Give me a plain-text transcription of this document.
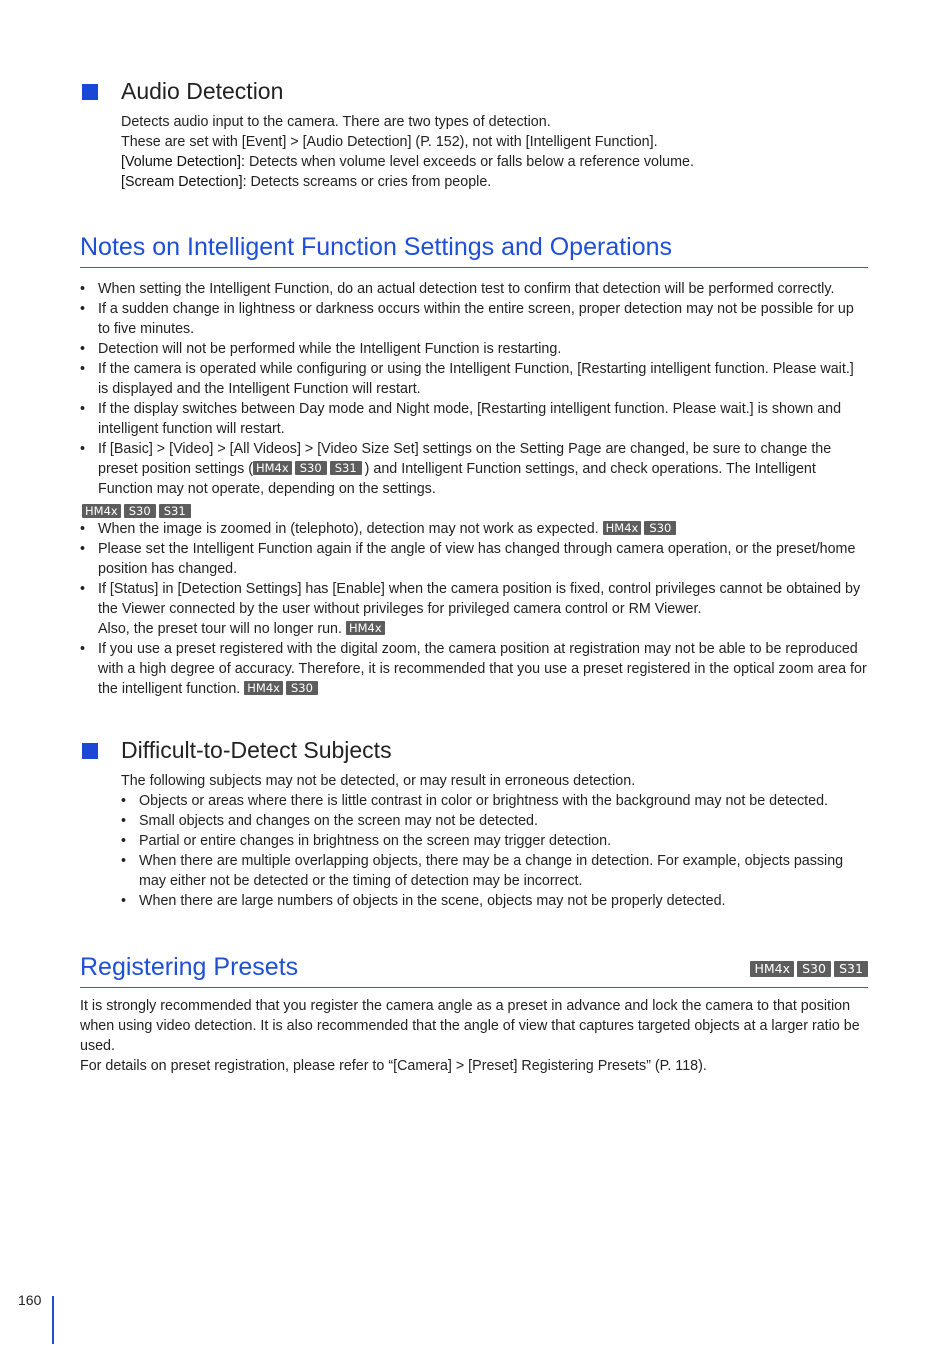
Audio Detection

Detects audio input to the camera. There are two types of detection.

These are set with [Event] > [Audio Detection] (P. 152), not with [Intelligent Function].

[Volume Detection]: Detects when volume level exceeds or falls below a reference volume.

[Scream Detection]: Detects screams or cries from people.

Notes on Intelligent Function Settings and Operations
• When setting the Intelligent Function, do an actual detection test to confirm that detection will be performed correctly.
• If a sudden change in lightness or darkness occurs within the entire screen, proper detection may not be possible for up to five minutes.
• Detection will not be performed while the Intelligent Function is restarting.
• If the camera is operated while configuring or using the Intelligent Function, [Restarting intelligent function. Please wait.] is displayed and the Intelligent Function will restart.
• If the display switches between Day mode and Night mode, [Restarting intelligent function. Please wait.] is shown and intelligent function will restart.
• If [Basic] > [Video] > [All Videos] > [Video Size Set] settings on the Setting Page are changed, be sure to change the preset position settings ( HM4x S30 S31 ) and Intelligent Function settings, and check operations. The Intelligent Function may not operate, depending on the settings.
HM4x S30 S31
• When the image is zoomed in (telephoto), detection may not work as expected. HM4x S30
• Please set the Intelligent Function again if the angle of view has changed through camera operation, or the preset/home position has changed.
• If [Status] in [Detection Settings] has [Enable] when the camera position is fixed, control privileges cannot be obtained by the Viewer connected by the user without privileges for privileged camera control or RM Viewer.
Also, the preset tour will no longer run. HM4x
• If you use a preset registered with the digital zoom, the camera position at registration may not be able to be reproduced with a high degree of accuracy. Therefore, it is recommended that you use a preset registered in the optical zoom area for the intelligent function. HM4x S30
Difficult-to-Detect Subjects

The following subjects may not be detected, or may result in erroneous detection.

• Objects or areas where there is little contrast in color or brightness with the background may not be detected.
• Small objects and changes on the screen may not be detected.
• Partial or entire changes in brightness on the screen may trigger detection.
• When there are multiple overlapping objects, there may be a change in detection. For example, objects passing may either not be detected or the timing of detection may be incorrect.
• When there are large numbers of objects in the scene, objects may not be properly detected.
Registering Presets	HM4x S30 S31

It is strongly recommended that you register the camera angle as a preset in advance and lock the camera to that position when using video detection. It is also recommended that the angle of view that captures targeted objects at a larger ratio be used.

For details on preset registration, please refer to “[Camera] > [Preset] Registering Presets” (P. 118).

160
